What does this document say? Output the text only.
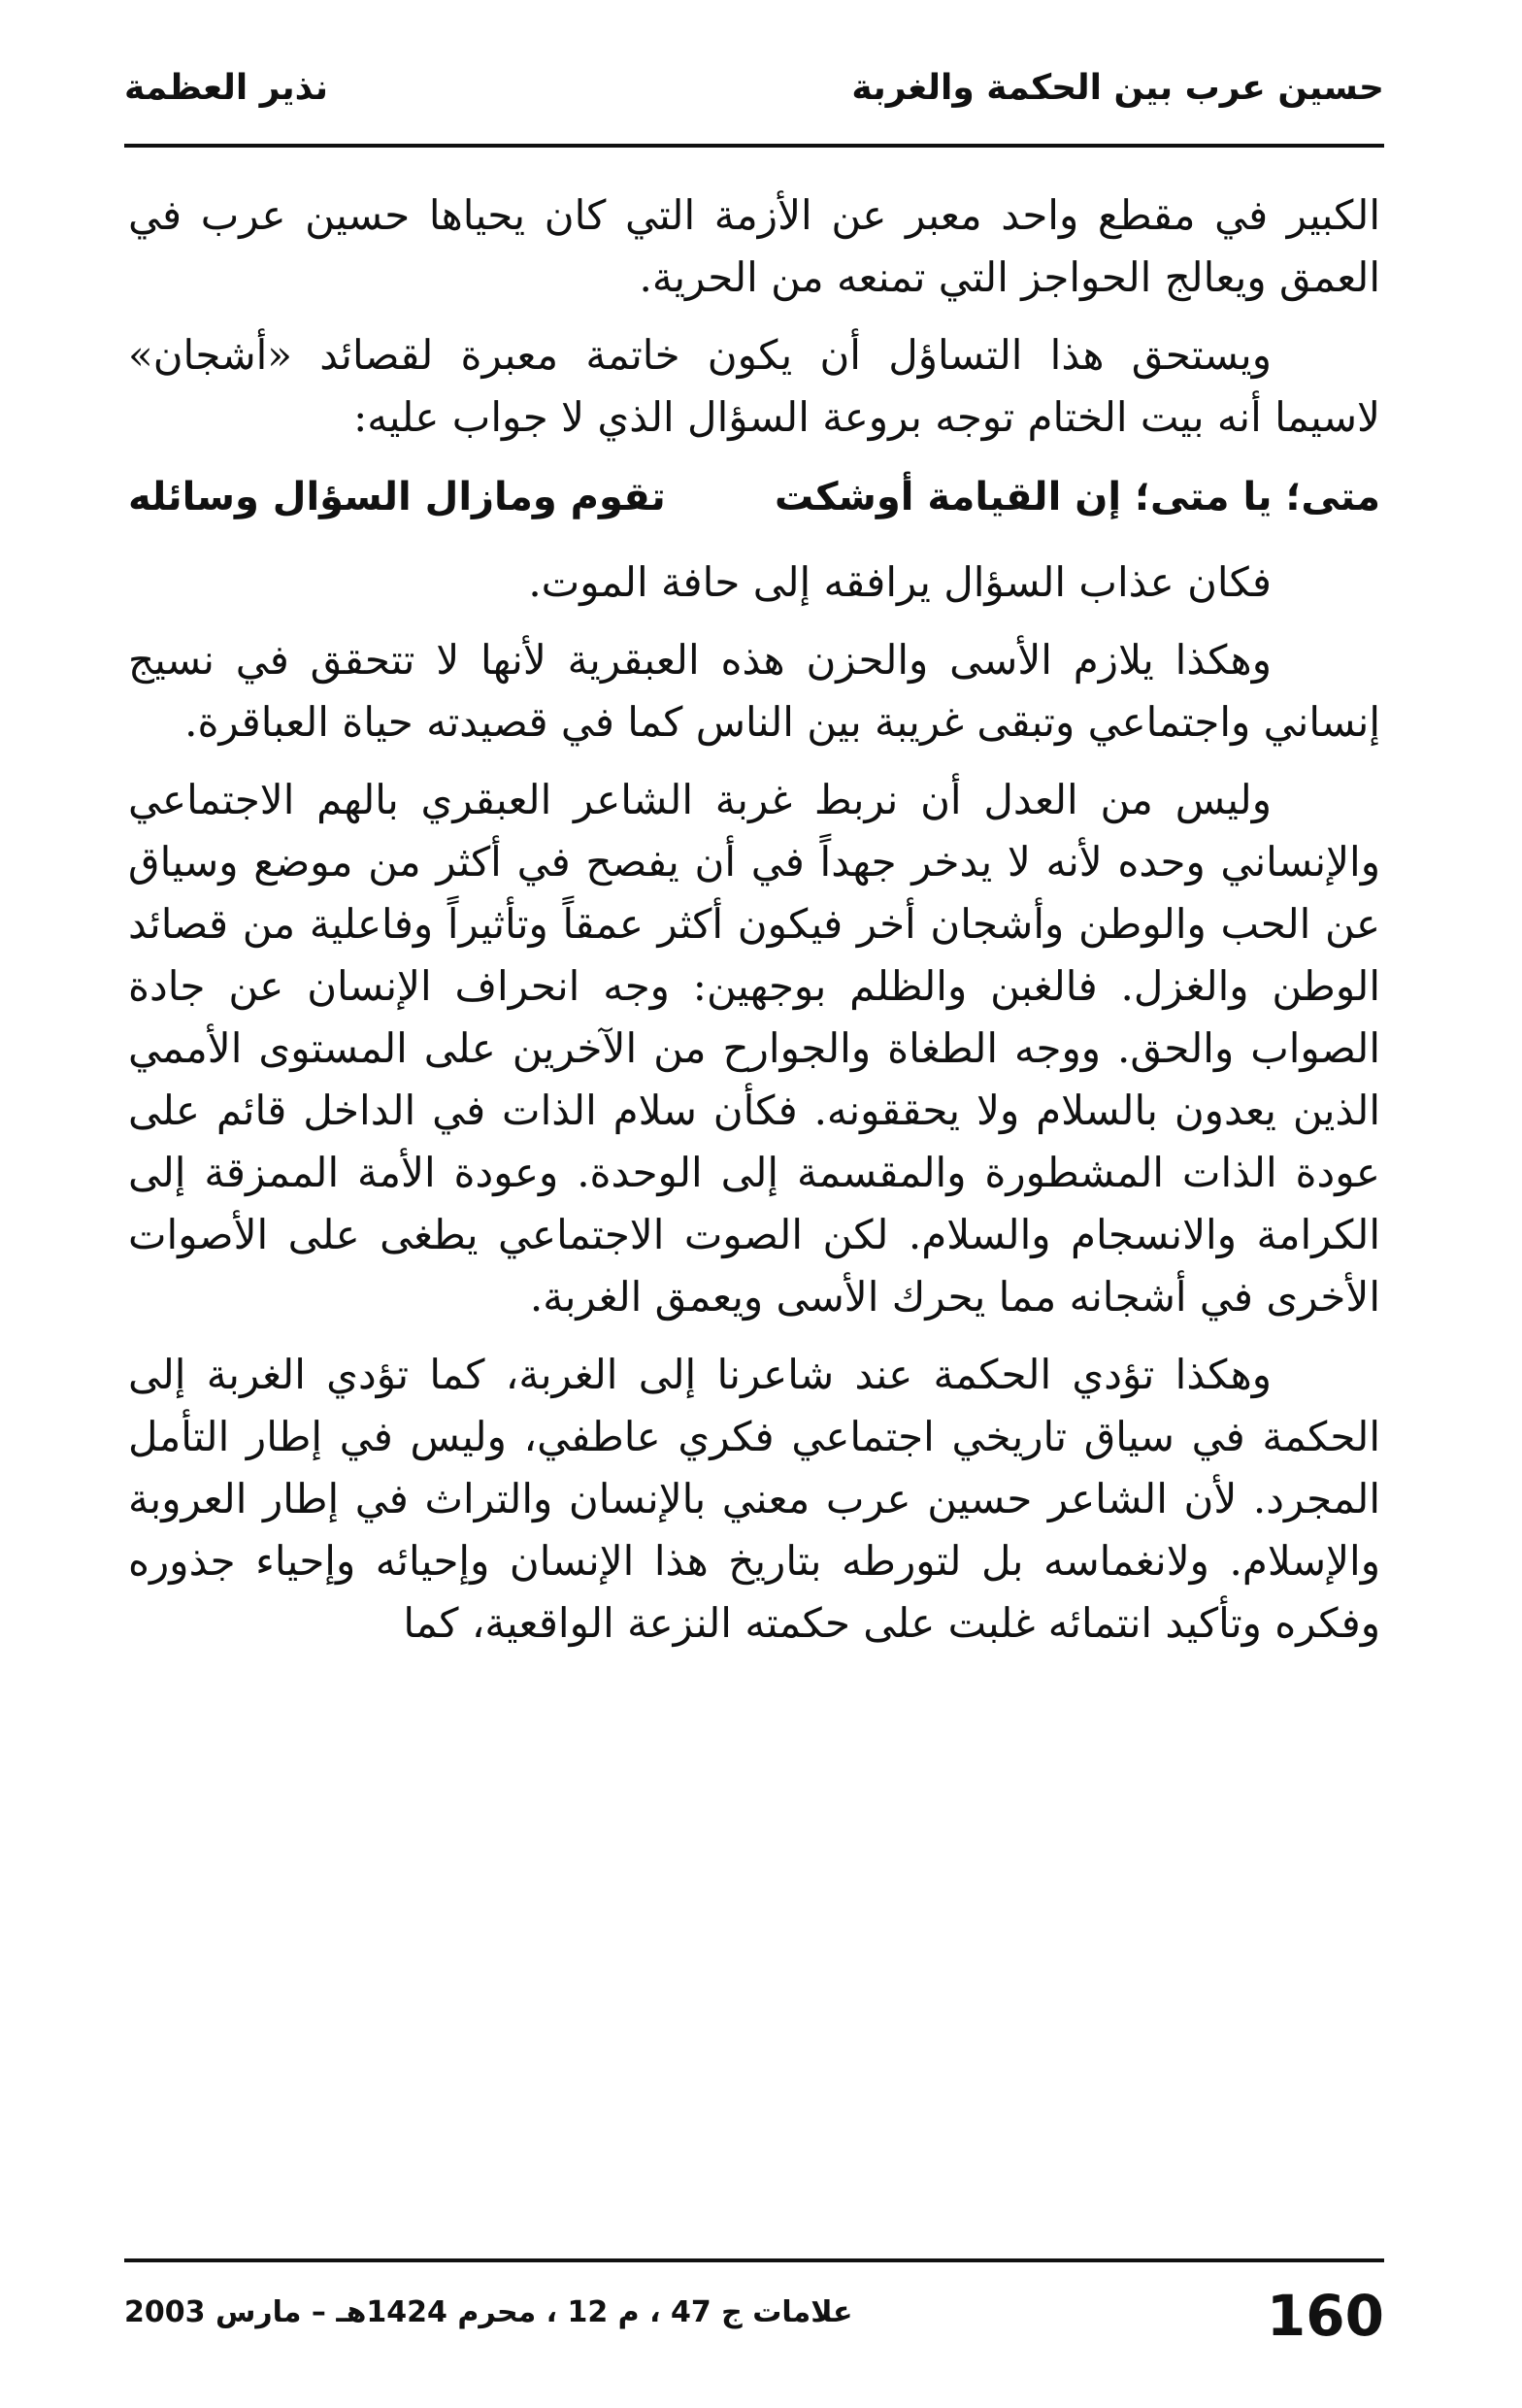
حسين عرب بين الحكمة والغربة
نذير العظمة

الكبير في مقطع واحد معبر عن الأزمة التي كان يحياها حسين عرب في العمق ويعالج الحواجز التي تمنعه من الحرية.

ويستحق هذا التساؤل أن يكون خاتمة معبرة لقصائد «أشجان» لاسيما أنه بيت الختام توجه بروعة السؤال الذي لا جواب عليه:

متى؛ يا متى؛ إن القيامة أوشكت
تقوم ومازال السؤال وسائله

فكان عذاب السؤال يرافقه إلى حافة الموت.

وهكذا يلازم الأسى والحزن هذه العبقرية لأنها لا تتحقق في نسيج إنساني واجتماعي وتبقى غريبة بين الناس كما في قصيدته حياة العباقرة.

وليس من العدل أن نربط غربة الشاعر العبقري بالهم الاجتماعي والإنساني وحده لأنه لا يدخر جهداً في أن يفصح في أكثر من موضع وسياق عن الحب والوطن وأشجان أخر فيكون أكثر عمقاً وتأثيراً وفاعلية من قصائد الوطن والغزل. فالغبن والظلم بوجهين: وجه انحراف الإنسان عن جادة الصواب والحق. ووجه الطغاة والجوارح من الآخرين على المستوى الأممي الذين يعدون بالسلام ولا يحققونه. فكأن سلام الذات في الداخل قائم على عودة الذات المشطورة والمقسمة إلى الوحدة. وعودة الأمة الممزقة إلى الكرامة والانسجام والسلام. لكن الصوت الاجتماعي يطغى على الأصوات الأخرى في أشجانه مما يحرك الأسى ويعمق الغربة.

وهكذا تؤدي الحكمة عند شاعرنا إلى الغربة، كما تؤدي الغربة إلى الحكمة في سياق تاريخي اجتماعي فكري عاطفي، وليس في إطار التأمل المجرد. لأن الشاعر حسين عرب معني بالإنسان والتراث في إطار العروبة والإسلام. ولانغماسه بل لتورطه بتاريخ هذا الإنسان وإحيائه وإحياء جذوره وفكره وتأكيد انتمائه غلبت على حكمته النزعة الواقعية، كما

160
علامات ج 47 ، م 12 ، محرم 1424هـ – مارس 2003
